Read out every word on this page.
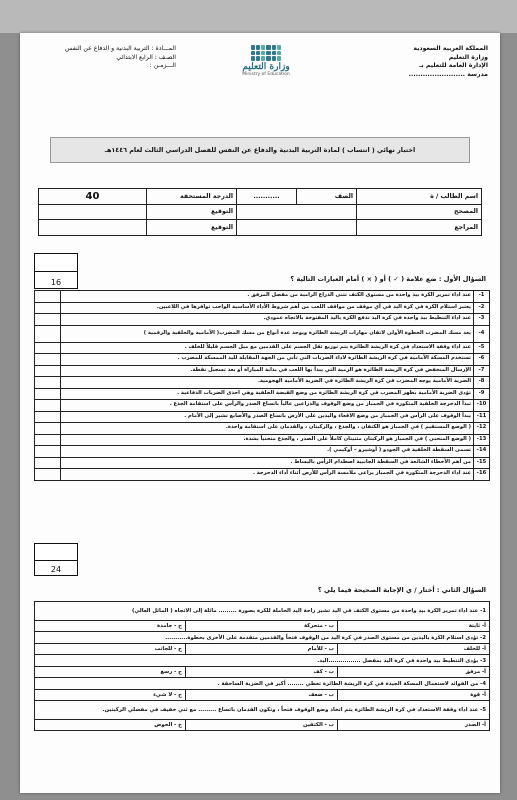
المملكة العربية السعودية
وزارة التعليم
الإدارة العامة للتعليم بـ
مدرسة ........................
وزارة التعليم
Ministry of Education
المـــادة : التربية البدنية و الدفاع عن النفس
الصـف : الرابع الابتدائي
الـــزمـن :
اختبار نهائي ( انتساب ) لمادة التربية البدنية والدفاع عن النفس للفصل الدراسي الثالث لعام ١٤٤٦هـ
اسم الطالب / ة	الصف	...........	الدرجة المستحقة	40
المصحح			التوقيع	
المراجع			التوقيع	
16	السؤال الأول : ضع علامة ( ✓ ) أو ( × ) أمام العبارات التالية ؟
1-	عند اداء تمرير الكرة بيد واحدة من مستوى الكتف تثنى الذراع الرامية من مفصل المرفق .	
2-	يعتبر استلام الكرة في كرة اليد في أي موقف من مواقف اللعب من أهم شروط الأداء الأساسية الواجب توافرها في اللاعبين.	
3-	عند اداء التنطيط بيد واحدة في كرة اليد تدفع الكرة باليد المفتوحة بالاتجاه عمودي.	
4-	يعد مسك المضرب الخطوة الأولى لاتقان مهارات الريشة الطائرة ويوجد عدة أنواع من مسك المضرب( الأمامية والخلفية والرقمية )	
5-	عند اداء وقفة الاستعداد في كرة الريشة الطائرة يتم توزيع ثقل الجسم على القدمين مع ميل الجسم قليلاً للخلف .	
6-	تستخدم المسكة الأمامية في كرة الريشة الطائرة لاداء الضربات التي تأتي من الجهة المقابلة لليد الممسكة للمضرب .	
7-	الإرسال المنخفض في كرة الريشة الطائرة هو الرمية التي يبدأ بها اللعب في بداية المباراة أو بعد تسجيل نقطة.	
8-	الضربة الأمامية يوجه المضرب في كرة الريشة الطائرة في الضربة الأمامية الهجومية.	
9-	تؤدى الضربة الأمامية بظهر المضرب في كرة الريشة الطائرة من وضع القبضة الخلفية وهي احدى الضربات الدفاعية .	
10-	تبدأ الدحرجة الخلفية المتكورة في الجمباز من وضع الوقوف والذراعين عالياً باتساع الصدر والرأس على استقامة الجذع .	
11-	يبدأ الوقوف على الرأس في الجمباز من وضع الاقعاء واليدين على الأرض باتساع الصدر والأصابع تشير إلى الأمام .	
12-	( الوضع المستقيم ) في الجمباز هو الكتفان ، والجذع ، والركبتان ، والقدمان على استقامة واحدة.	
13-	( الوضع المنحني ) في الجمباز هو الركبتان مثنيتان كاملاً على الصدر ، والجذع منحنياً بشدة.	
14-	تسمى السقطة الخلفية في الجودو ( أوشيرو – أوكيمي ).	
15-	من أهم الأخطاء الشائعة في السقطة الجانبية اصطدام الرأس بالبساط .	
16-	عند اداء الدحرجة المتكورة في الجمباز يراعى ملامسة الرأس للأرض أثناء أداء الدحرجة .	
24
السؤال الثاني : أختار / ي الإجابة الصحيحة فيما يلي ؟
1- عند اداء تمرير الكرة بيد واحدة من مستوى الكتف في اليد تشير راحة اليد الحاملة للكرة بصورة ......... مائلة إلى الاتجاه ( المائل العالي)		
أ- ثابتة	ب - متحركة	ج - جامدة
2- تؤدى استلام الكرة باليدين من مستوى الصدر في كرة اليد من الوقوف فتحاً والقدمين متقدمة على الأخرى بخطوة...........		
أ- للخلف	ب - للأمام	ج - للجانب
3- يؤدى التنطيط بيد واحدة في كرة اليد بمفصل ................اليد.		
أ- مرفق	ب - كف	ج - رسغ
4- من الفوائد لاستعمال المسكة الجيدة في كرة الريشة الطائرة تعطي ........ أكبر في الضربة الساحقة .		
أ- قوة	ب - ضعف	ج - لا شيء
5- عند اداء وقفة الاستعداد في كرة الريشة الطائرة يتم اتخاذ وضع الوقوف فتحاً ، وتكون القدمان باتساع ......... مع ثني خفيف في مفصلي الركبتين.		
أ- الصدر	ب - الكتفين	ج - الحوض
